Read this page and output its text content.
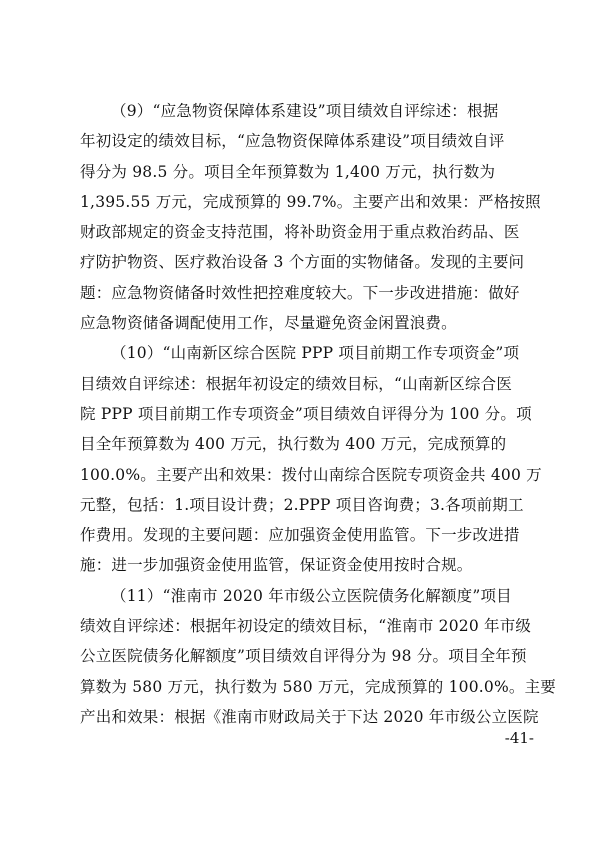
（9）“应急物资保障体系建设”项目绩效自评综述：根据
年初设定的绩效目标，“应急物资保障体系建设”项目绩效自评
得分为 98.5 分。项目全年预算数为 1,400 万元，执行数为
1,395.55 万元，完成预算的 99.7%。主要产出和效果：严格按照
财政部规定的资金支持范围，将补助资金用于重点救治药品、医
疗防护物资、医疗救治设备 3 个方面的实物储备。发现的主要问
题：应急物资储备时效性把控难度较大。下一步改进措施：做好
应急物资储备调配使用工作，尽量避免资金闲置浪费。
（10）“山南新区综合医院 PPP 项目前期工作专项资金”项
目绩效自评综述：根据年初设定的绩效目标，“山南新区综合医
院 PPP 项目前期工作专项资金”项目绩效自评得分为 100 分。项
目全年预算数为 400 万元，执行数为 400 万元，完成预算的
100.0%。主要产出和效果：拨付山南综合医院专项资金共 400 万
元整，包括：1.项目设计费；2.PPP 项目咨询费；3.各项前期工
作费用。发现的主要问题：应加强资金使用监管。下一步改进措
施：进一步加强资金使用监管，保证资金使用按时合规。
（11）“淮南市 2020 年市级公立医院债务化解额度”项目
绩效自评综述：根据年初设定的绩效目标，“淮南市 2020 年市级
公立医院债务化解额度”项目绩效自评得分为 98 分。项目全年预
算数为 580 万元，执行数为 580 万元，完成预算的 100.0%。主要
产出和效果：根据《淮南市财政局关于下达 2020 年市级公立医院
-41-
